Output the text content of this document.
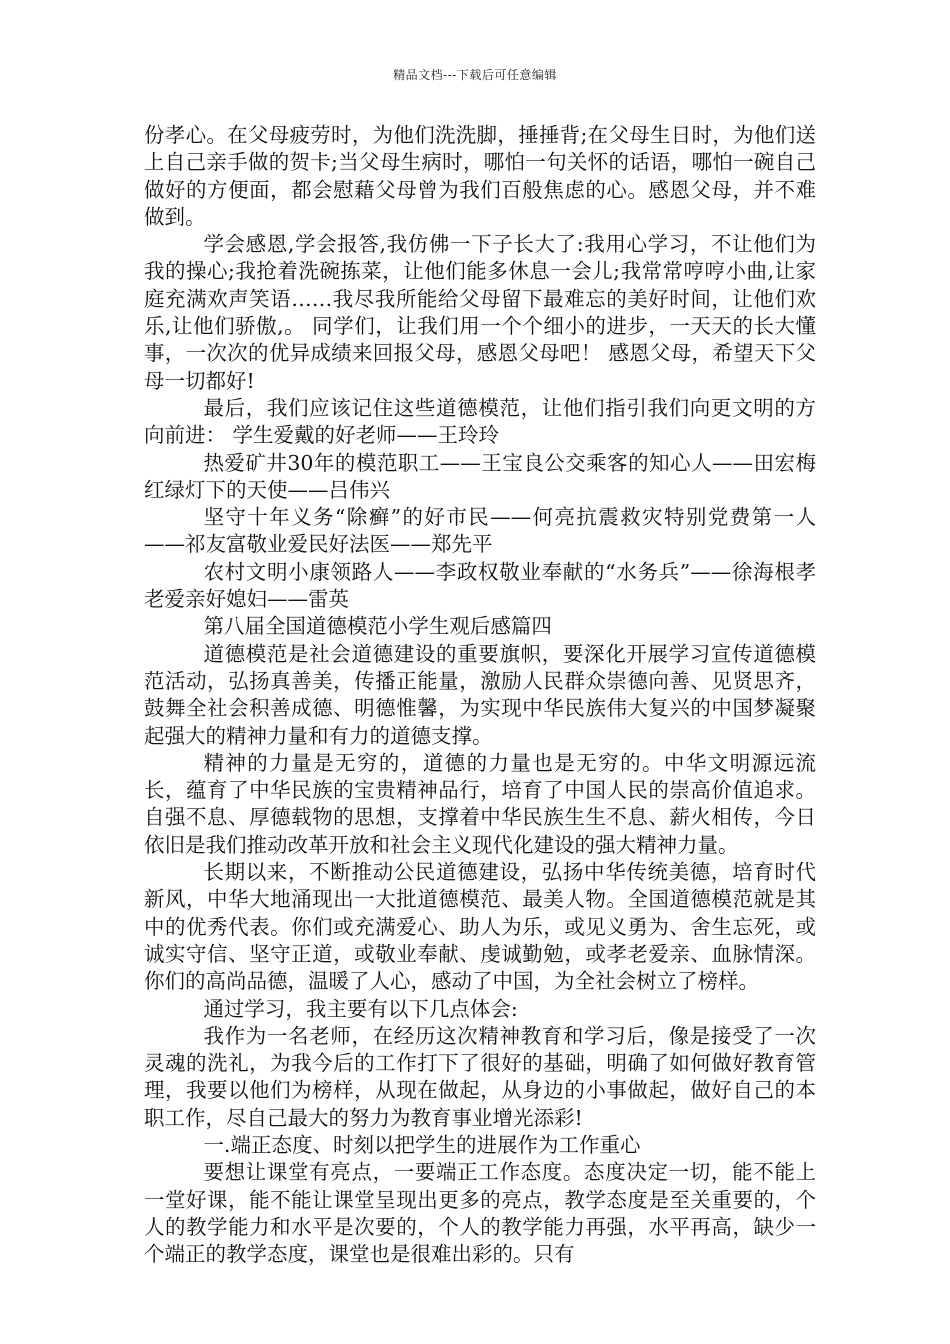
精品文档---下载后可任意编辑

份孝心。在父母疲劳时，为他们洗洗脚，捶捶背;在父母生日时，为他们送上自己亲手做的贺卡;当父母生病时，哪怕一句关怀的话语，哪怕一碗自己做好的方便面，都会慰藉父母曾为我们百般焦虑的心。感恩父母，并不难做到。

学会感恩,学会报答,我仿佛一下子长大了:我用心学习，不让他们为我的操心;我抢着洗碗拣菜，让他们能多休息一会儿;我常常哼哼小曲,让家庭充满欢声笑语……我尽我所能给父母留下最难忘的美好时间，让他们欢乐,让他们骄傲,。 同学们，让我们用一个个细小的进步，一天天的长大懂事，一次次的优异成绩来回报父母，感恩父母吧！ 感恩父母，希望天下父母一切都好!

最后，我们应该记住这些道德模范，让他们指引我们向更文明的方向前进： 学生爱戴的好老师——王玲玲

热爱矿井30年的模范职工——王宝良公交乘客的知心人——田宏梅红绿灯下的天使——吕伟兴

坚守十年义务“除癣”的好市民——何亮抗震救灾特别党费第一人——祁友富敬业爱民好法医——郑先平

农村文明小康领路人——李政权敬业奉献的“水务兵”——徐海根孝老爱亲好媳妇——雷英

第八届全国道德模范小学生观后感篇四

道德模范是社会道德建设的重要旗帜，要深化开展学习宣传道德模范活动，弘扬真善美，传播正能量，激励人民群众崇德向善、见贤思齐，鼓舞全社会积善成德、明德惟馨，为实现中华民族伟大复兴的中国梦凝聚起强大的精神力量和有力的道德支撑。

精神的力量是无穷的，道德的力量也是无穷的。中华文明源远流长，蕴育了中华民族的宝贵精神品行，培育了中国人民的崇高价值追求。自强不息、厚德载物的思想，支撑着中华民族生生不息、薪火相传，今日依旧是我们推动改革开放和社会主义现代化建设的强大精神力量。

长期以来，不断推动公民道德建设，弘扬中华传统美德，培育时代新风，中华大地涌现出一大批道德模范、最美人物。全国道德模范就是其中的优秀代表。你们或充满爱心、助人为乐，或见义勇为、舍生忘死，或诚实守信、坚守正道，或敬业奉献、虔诚勤勉，或孝老爱亲、血脉情深。你们的高尚品德，温暖了人心，感动了中国，为全社会树立了榜样。

通过学习，我主要有以下几点体会:

我作为一名老师，在经历这次精神教育和学习后，像是接受了一次灵魂的洗礼，为我今后的工作打下了很好的基础，明确了如何做好教育管理，我要以他们为榜样，从现在做起，从身边的小事做起，做好自己的本职工作，尽自己最大的努力为教育事业增光添彩!

一.端正态度、时刻以把学生的进展作为工作重心

要想让课堂有亮点，一要端正工作态度。态度决定一切，能不能上一堂好课，能不能让课堂呈现出更多的亮点，教学态度是至关重要的，个人的教学能力和水平是次要的，个人的教学能力再强，水平再高，缺少一个端正的教学态度，课堂也是很难出彩的。只有
